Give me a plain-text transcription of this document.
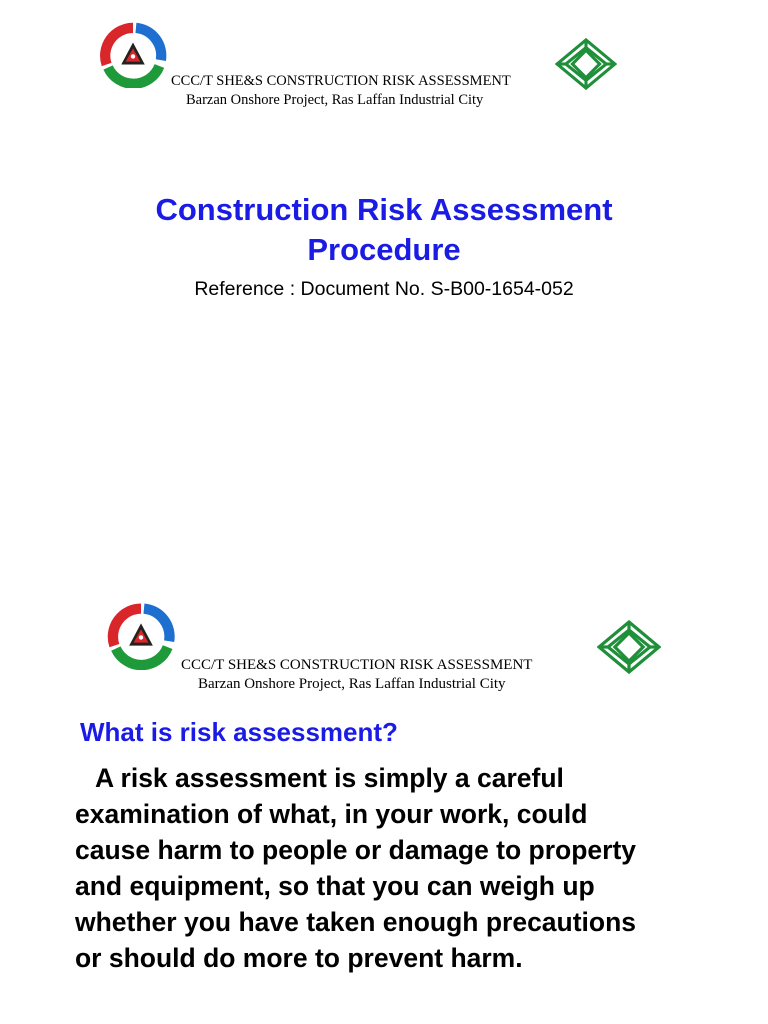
CCC/T SHE&S CONSTRUCTION RISK ASSESSMENT
Barzan Onshore Project, Ras Laffan Industrial City
Construction Risk Assessment
Procedure
Reference : Document No. S-B00-1654-052
CCC/T SHE&S CONSTRUCTION RISK ASSESSMENT
Barzan Onshore Project, Ras Laffan Industrial City
What is risk assessment?
A risk assessment is simply a careful
examination of what, in your work, could
cause harm to people or damage to property
and equipment, so that you can weigh up
whether you have taken enough precautions
or should do more to prevent harm.
